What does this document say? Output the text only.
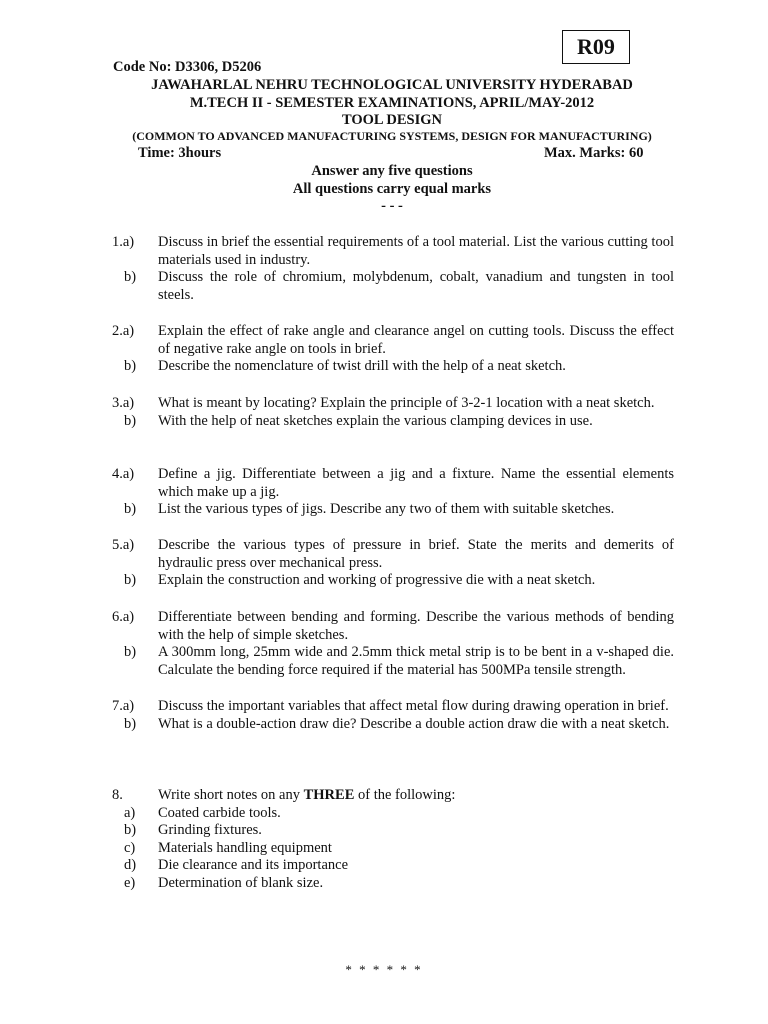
R09
Code No: D3306, D5206
JAWAHARLAL NEHRU TECHNOLOGICAL UNIVERSITY HYDERABAD
M.TECH II - SEMESTER EXAMINATIONS, APRIL/MAY-2012
TOOL DESIGN
(COMMON TO ADVANCED MANUFACTURING SYSTEMS, DESIGN FOR MANUFACTURING)
Time: 3hours	Max. Marks: 60
Answer any five questions
All questions carry equal marks
- - -
1.a)	Discuss in brief the essential requirements of a tool material. List the various cutting tool materials used in industry.
b)	Discuss the role of chromium, molybdenum, cobalt, vanadium and tungsten in tool steels.
2.a)	Explain the effect of rake angle and clearance angel on cutting tools. Discuss the effect of negative rake angle on tools in brief.
b)	Describe the nomenclature of twist drill with the help of a neat sketch.
3.a)	What is meant by locating? Explain the principle of 3-2-1 location with a neat sketch.
b)	With the help of neat sketches explain the various clamping devices in use.
4.a)	Define a jig. Differentiate between a jig and a fixture. Name the essential elements which make up a jig.
b)	List the various types of jigs. Describe any two of them with suitable sketches.
5.a)	Describe the various types of pressure in brief. State the merits and demerits of hydraulic press over mechanical press.
b)	Explain the construction and working of progressive die with a neat sketch.
6.a)	Differentiate between bending and forming. Describe the various methods of bending with the help of simple sketches.
b)	A 300mm long, 25mm wide and 2.5mm thick metal strip is to be bent in a v-shaped die. Calculate the bending force required if the material has 500MPa tensile strength.
7.a)	Discuss the important variables that affect metal flow during drawing operation in brief.
b)	What is a double-action draw die? Describe a double action draw die with a neat sketch.
8.	Write short notes on any THREE of the following:
a)	Coated carbide tools.
b)	Grinding fixtures.
c)	Materials handling equipment
d)	Die clearance and its importance
e)	Determination of blank size.
* * * * * *
